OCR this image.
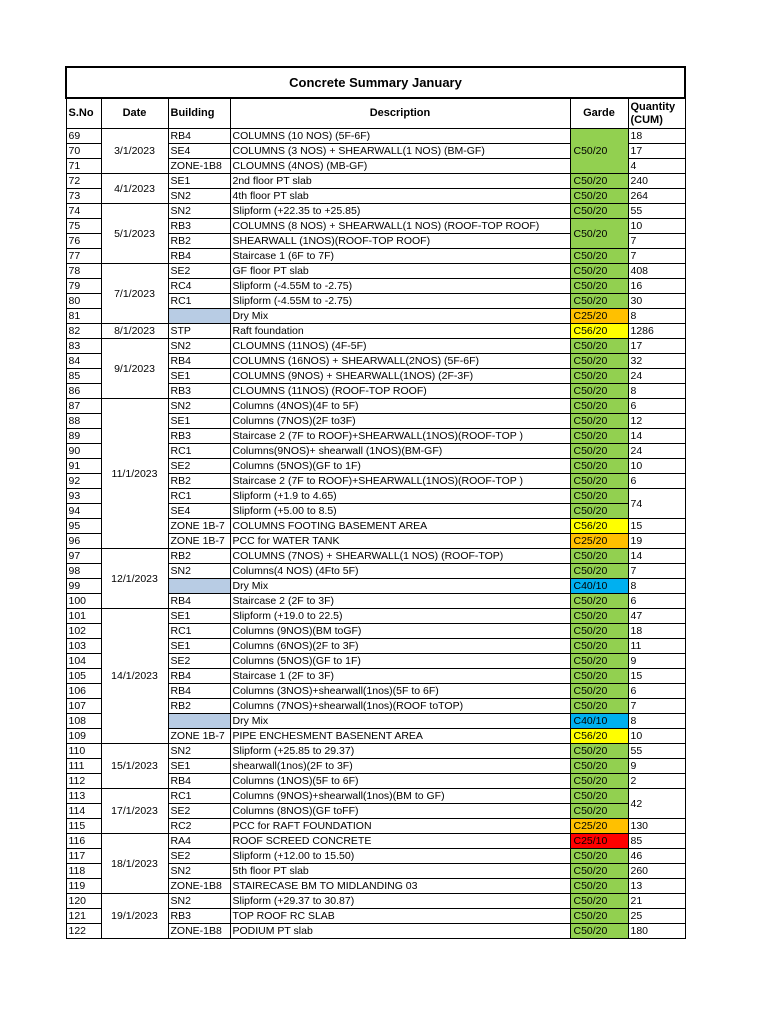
Concrete Summary January					
S.No	Date	Building	Description	Garde	Quantity (CUM)
69	3/1/2023	RB4	COLUMNS (10 NOS) (5F-6F)	C50/20	18
70		SE4	COLUMNS (3 NOS) + SHEARWALL(1 NOS) (BM-GF)		17
71		ZONE-1B8	CLOUMNS (4NOS) (MB-GF)		4
72	4/1/2023	SE1	2nd floor PT slab	C50/20	240
73		SN2	4th floor PT slab	C50/20	264
74	5/1/2023	SN2	Slipform (+22.35 to +25.85)	C50/20	55
75		RB3	COLUMNS (8 NOS) + SHEARWALL(1 NOS) (ROOF-TOP ROOF)	C50/20	10
76		RB2	SHEARWALL (1NOS)(ROOF-TOP ROOF)		7
77		RB4	Staircase 1 (6F to 7F)	C50/20	7
78	7/1/2023	SE2	GF floor PT slab	C50/20	408
79		RC4	Slipform (-4.55M to -2.75)	C50/20	16
80		RC1	Slipform (-4.55M to -2.75)	C50/20	30
81			Dry Mix	C25/20	8
82	8/1/2023	STP	Raft foundation	C56/20	1286
83	9/1/2023	SN2	CLOUMNS (11NOS) (4F-5F)	C50/20	17
84		RB4	COLUMNS (16NOS) + SHEARWALL(2NOS) (5F-6F)	C50/20	32
85		SE1	COLUMNS (9NOS) + SHEARWALL(1NOS) (2F-3F)	C50/20	24
86		RB3	CLOUMNS (11NOS) (ROOF-TOP ROOF)	C50/20	8
87	11/1/2023	SN2	Columns (4NOS)(4F to 5F)	C50/20	6
88		SE1	Columns (7NOS)(2F to3F)	C50/20	12
89		RB3	Staircase 2 (7F to ROOF)+SHEARWALL(1NOS)(ROOF-TOP )	C50/20	14
90		RC1	Columns(9NOS)+ shearwall (1NOS)(BM-GF)	C50/20	24
91		SE2	Columns (5NOS)(GF to 1F)	C50/20	10
92		RB2	Staircase 2 (7F to ROOF)+SHEARWALL(1NOS)(ROOF-TOP )	C50/20	6
93		RC1	Slipform (+1.9 to 4.65)	C50/20	74
94		SE4	Slipform (+5.00 to 8.5)	C50/20	
95		ZONE 1B-7	COLUMNS FOOTING BASEMENT AREA	C56/20	15
96		ZONE 1B-7	PCC for WATER TANK	C25/20	19
97	12/1/2023	RB2	COLUMNS (7NOS) + SHEARWALL(1 NOS) (ROOF-TOP)	C50/20	14
98		SN2	Columns(4 NOS) (4Fto 5F)	C50/20	7
99			Dry Mix	C40/10	8
100		RB4	Staircase 2 (2F to 3F)	C50/20	6
101	14/1/2023	SE1	Slipform (+19.0 to 22.5)	C50/20	47
102		RC1	Columns (9NOS)(BM toGF)	C50/20	18
103		SE1	Columns (6NOS)(2F to 3F)	C50/20	11
104		SE2	Columns (5NOS)(GF to 1F)	C50/20	9
105		RB4	Staircase 1 (2F to 3F)	C50/20	15
106		RB4	Columns (3NOS)+shearwall(1nos)(5F to 6F)	C50/20	6
107		RB2	Columns (7NOS)+shearwall(1nos)(ROOF toTOP)	C50/20	7
108			Dry Mix	C40/10	8
109		ZONE 1B-7	PIPE ENCHESMENT BASENENT AREA	C56/20	10
110	15/1/2023	SN2	Slipform (+25.85 to 29.37)	C50/20	55
111		SE1	shearwall(1nos)(2F to 3F)	C50/20	9
112		RB4	Columns (1NOS)(5F to 6F)	C50/20	2
113	17/1/2023	RC1	Columns (9NOS)+shearwall(1nos)(BM to GF)	C50/20	42
114		SE2	Columns (8NOS)(GF toFF)	C50/20	
115		RC2	PCC for RAFT FOUNDATION	C25/20	130
116	18/1/2023	RA4	ROOF SCREED CONCRETE	C25/10	85
117		SE2	Slipform (+12.00 to 15.50)	C50/20	46
118		SN2	5th floor PT slab	C50/20	260
119		ZONE-1B8	STAIRECASE BM TO MIDLANDING 03	C50/20	13
120	19/1/2023	SN2	Slipform (+29.37 to 30.87)	C50/20	21
121		RB3	TOP ROOF RC SLAB	C50/20	25
122		ZONE-1B8	PODIUM PT slab	C50/20	180
